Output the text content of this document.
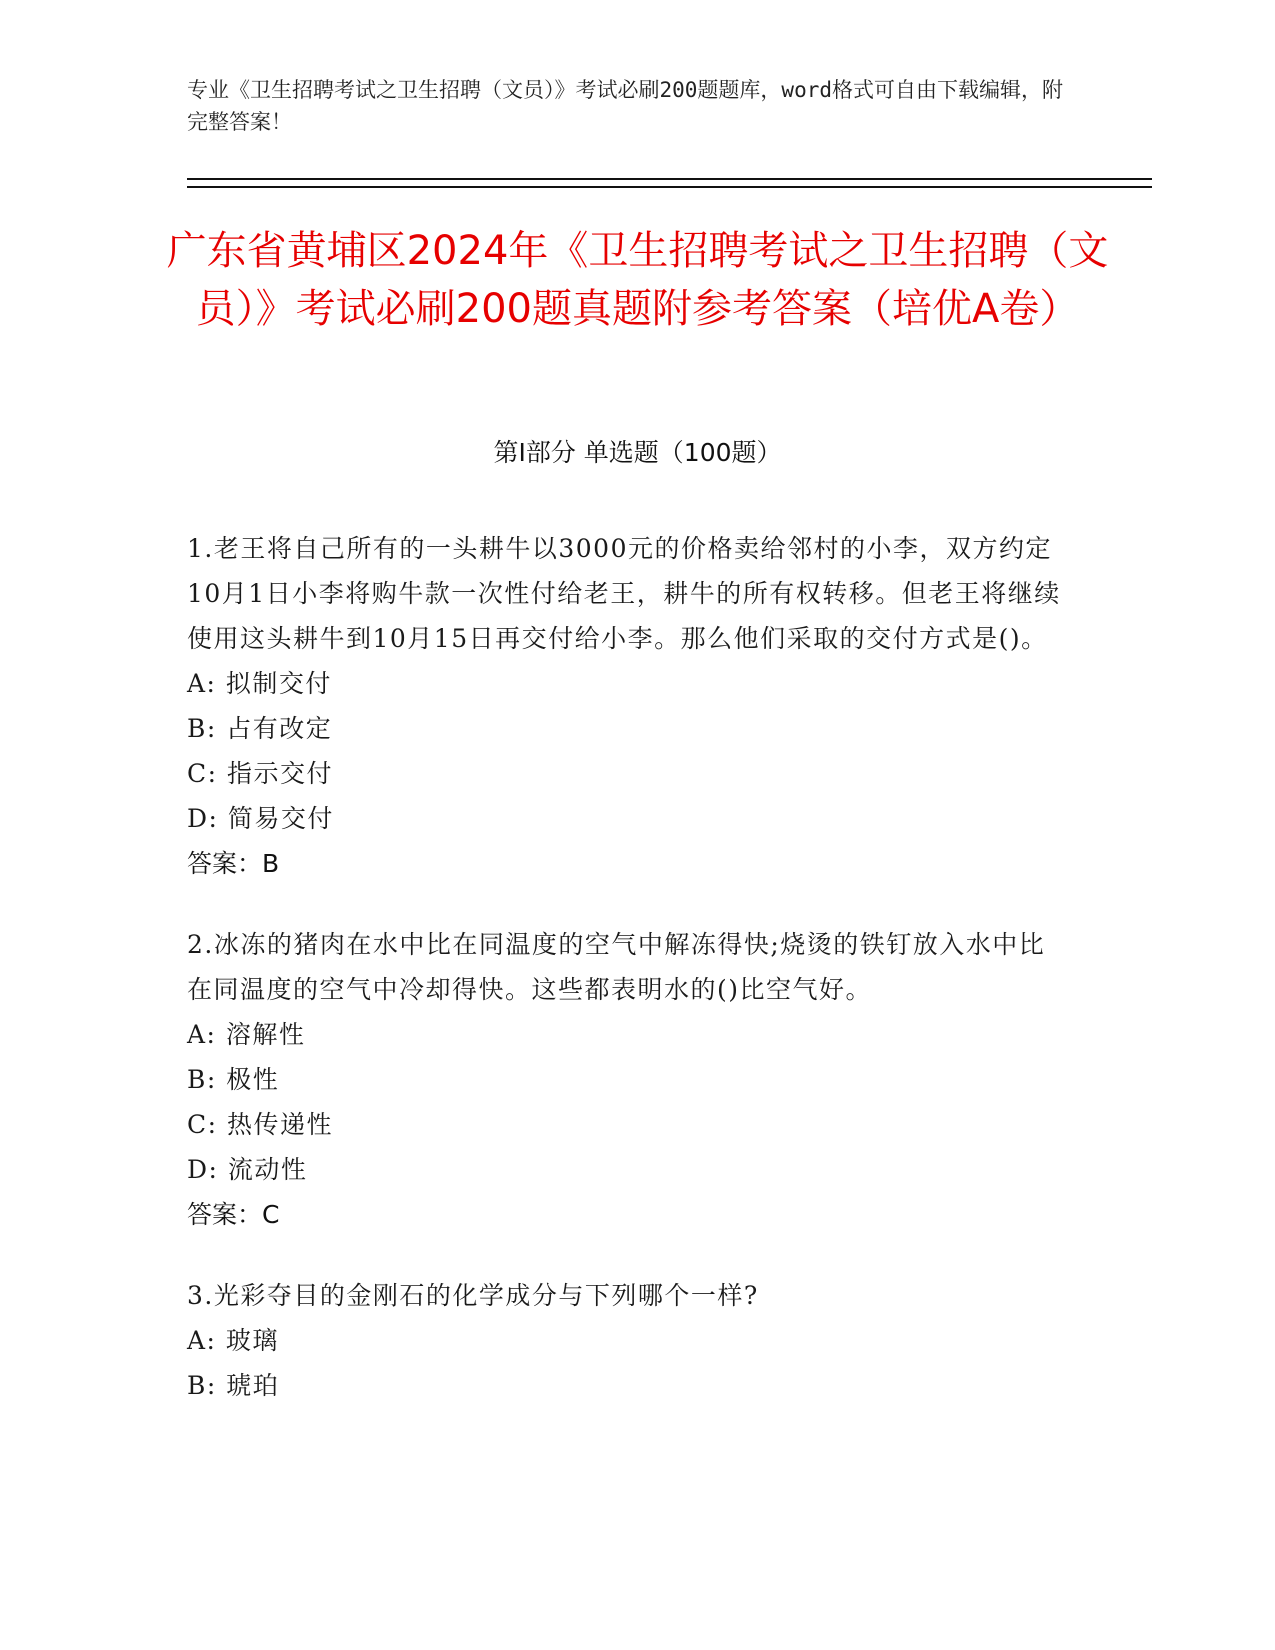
专业《卫生招聘考试之卫生招聘（文员）》考试必刷200题题库，word格式可自由下载编辑，附完整答案！
广东省黄埔区2024年《卫生招聘考试之卫生招聘（文员）》考试必刷200题真题附参考答案（培优A卷）
第Ⅰ部分 单选题（100题）
1.老王将自己所有的一头耕牛以3000元的价格卖给邻村的小李，双方约定10月1日小李将购牛款一次性付给老王，耕牛的所有权转移。但老王将继续使用这头耕牛到10月15日再交付给小李。那么他们采取的交付方式是()。
A: 拟制交付
B: 占有改定
C: 指示交付
D: 简易交付
答案：B
2.冰冻的猪肉在水中比在同温度的空气中解冻得快;烧烫的铁钉放入水中比在同温度的空气中冷却得快。这些都表明水的()比空气好。
A: 溶解性
B: 极性
C: 热传递性
D: 流动性
答案：C
3.光彩夺目的金刚石的化学成分与下列哪个一样?
A: 玻璃
B: 琥珀
